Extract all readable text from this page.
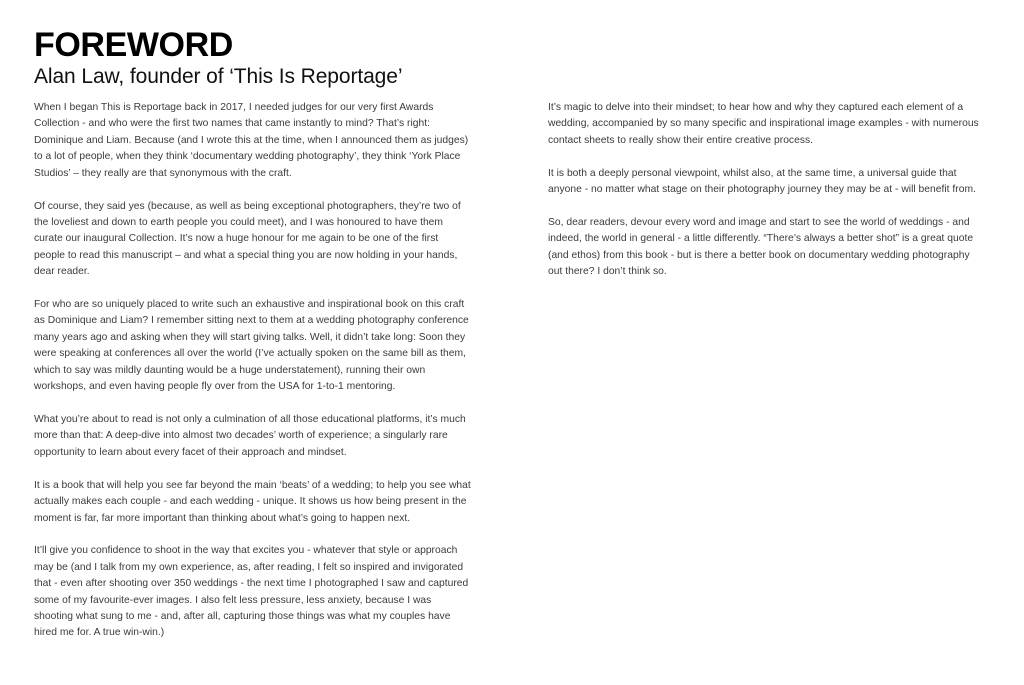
FOREWORD
Alan Law, founder of ‘This Is Reportage’

When I began This is Reportage back in 2017, I needed judges for our very first Awards Collection - and who were the first two names that came instantly to mind? That’s right: Dominique and Liam. Because (and I wrote this at the time, when I announced them as judges) to a lot of people, when they think ‘documentary wedding photography’, they think ‘York Place Studios’ – they really are that synonymous with the craft.

Of course, they said yes (because, as well as being exceptional photographers, they’re two of the loveliest and down to earth people you could meet), and I was honoured to have them curate our inaugural Collection. It’s now a huge honour for me again to be one of the first people to read this manuscript – and what a special thing you are now holding in your hands, dear reader.

For who are so uniquely placed to write such an exhaustive and inspirational book on this craft as Dominique and Liam? I remember sitting next to them at a wedding photography conference many years ago and asking when they will start giving talks. Well, it didn’t take long: Soon they were speaking at conferences all over the world (I’ve actually spoken on the same bill as them, which to say was mildly daunting would be a huge understatement), running their own workshops, and even having people fly over from the USA for 1-to-1 mentoring.

What you’re about to read is not only a culmination of all those educational platforms, it’s much more than that: A deep-dive into almost two decades’ worth of experience; a singularly rare opportunity to learn about every facet of their approach and mindset.

It is a book that will help you see far beyond the main ‘beats’ of a wedding; to help you see what actually makes each couple - and each wedding - unique. It shows us how being present in the moment is far, far more important than thinking about what’s going to happen next.

It’ll give you confidence to shoot in the way that excites you - whatever that style or approach may be (and I talk from my own experience, as, after reading, I felt so inspired and invigorated that - even after shooting over 350 weddings - the next time I photographed I saw and captured some of my favourite-ever images. I also felt less pressure, less anxiety, because I was shooting what sung to me - and, after all, capturing those things was what my couples have hired me for. A true win-win.)

It’s magic to delve into their mindset; to hear how and why they captured each element of a wedding, accompanied by so many specific and inspirational image examples - with numerous contact sheets to really show their entire creative process.

It is both a deeply personal viewpoint, whilst also, at the same time, a universal guide that anyone - no matter what stage on their photography journey they may be at - will benefit from.

So, dear readers, devour every word and image and start to see the world of weddings - and indeed, the world in general - a little differently. “There’s always a better shot” is a great quote (and ethos) from this book - but is there a better book on documentary wedding photography out there? I don’t think so.
